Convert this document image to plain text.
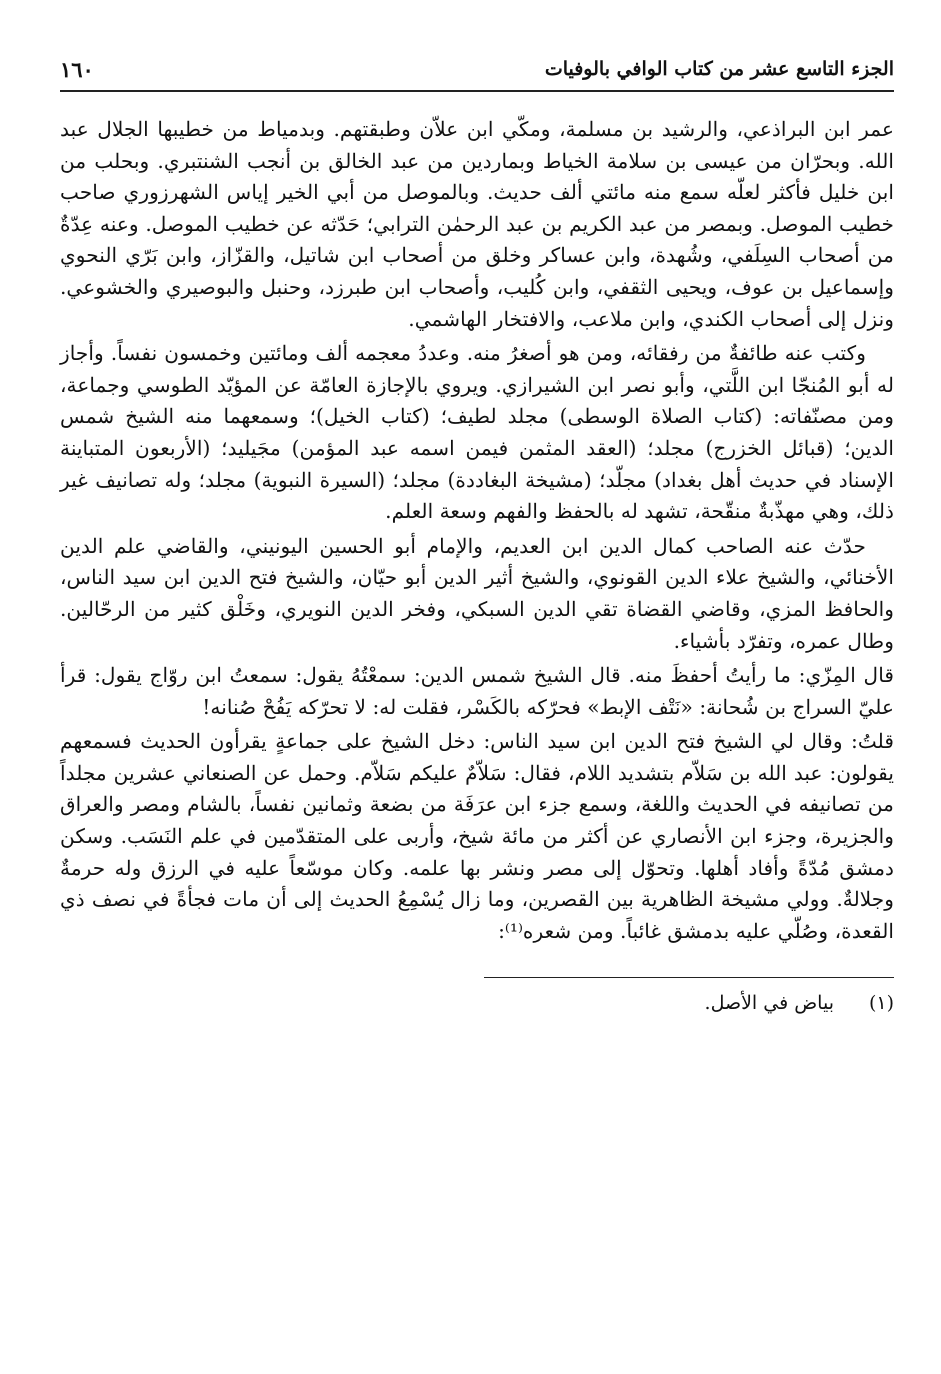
الجزء التاسع عشر من كتاب الوافي بالوفيات
١٦٠

عمر ابن البراذعي، والرشيد بن مسلمة، ومكّي ابن علاّن وطبقتهم. وبدمياط من خطيبها الجلال عبد الله. وبحرّان من عيسى بن سلامة الخياط وبماردين من عبد الخالق بن أنجب الشنتبري. وبحلب من ابن خليل فأكثر لعلّه سمع منه مائتي ألف حديث. وبالموصل من أبي الخير إياس الشهرزوري صاحب خطيب الموصل. وبمصر من عبد الكريم بن عبد الرحمٰن الترابي؛ حَدّثه عن خطيب الموصل. وعنه عِدّةٌ من أصحاب السِلَفي، وشُهدة، وابن عساكر وخلق من أصحاب ابن شاتيل، والقزّاز، وابن بَرّي النحوي وإسماعيل بن عوف، ويحيى الثقفي، وابن كُليب، وأصحاب ابن طبرزد، وحنبل والبوصيري والخشوعي. ونزل إلى أصحاب الكندي، وابن ملاعب، والافتخار الهاشمي.

وكتب عنه طائفةٌ من رفقائه، ومن هو أصغرُ منه. وعددُ معجمه ألف ومائتين وخمسون نفساً. وأجاز له أبو المُنجّا ابن اللَّتي، وأبو نصر ابن الشيرازي. ويروي بالإجازة العامّة عن المؤيّد الطوسي وجماعة، ومن مصنّفاته: (كتاب الصلاة الوسطى) مجلد لطيف؛ (كتاب الخيل)؛ وسمعهما منه الشيخ شمس الدين؛ (قبائل الخزرج) مجلد؛ (العقد المثمن فيمن اسمه عبد المؤمن) مجَيليد؛ (الأربعون المتباينة الإسناد في حديث أهل بغداد) مجلّد؛ (مشيخة البغاددة) مجلد؛ (السيرة النبوية) مجلد؛ وله تصانيف غير ذلك، وهي مهذّبةٌ منقّحة، تشهد له بالحفظ والفهم وسعة العلم.

حدّث عنه الصاحب كمال الدين ابن العديم، والإمام أبو الحسين اليونيني، والقاضي علم الدين الأخنائي، والشيخ علاء الدين القونوي، والشيخ أثير الدين أبو حيّان، والشيخ فتح الدين ابن سيد الناس، والحافظ المزي، وقاضي القضاة تقي الدين السبكي، وفخر الدين النويري، وخَلْق كثير من الرحّالين. وطال عمره، وتفرّد بأشياء.

قال المِزّي: ما رأيتُ أحفظَ منه. قال الشيخ شمس الدين: سمعْتُهُ يقول: سمعتُ ابن روّاج يقول: قرأ عليّ السراج بن شُحانة: «نَتْف الإبط» فحرّكه بالكَسْر، فقلت له: لا تحرّكه يَفُحْ صُنانه!

قلتُ: وقال لي الشيخ فتح الدين ابن سيد الناس: دخل الشيخ على جماعةٍ يقرأون الحديث فسمعهم يقولون: عبد الله بن سَلاّم بتشديد اللام، فقال: سَلاّمٌ عليكم سَلاّم. وحمل عن الصنعاني عشرين مجلداً من تصانيفه في الحديث واللغة، وسمع جزء ابن عرَفَة من بضعة وثمانين نفساً، بالشام ومصر والعراق والجزيرة، وجزء ابن الأنصاري عن أكثر من مائة شيخ، وأربى على المتقدّمين في علم النَسَب. وسكن دمشق مُدّةً وأفاد أهلها. وتحوّل إلى مصر ونشر بها علمه. وكان موسّعاً عليه في الرزق وله حرمةٌ وجلالةٌ. وولي مشيخة الظاهرية بين القصرين، وما زال يُسْمِعُ الحديث إلى أن مات فجأةً في نصف ذي القعدة، وصُلّي عليه بدمشق غائباً. ومن شعره⁽¹⁾:

(١)
بياض في الأصل.
